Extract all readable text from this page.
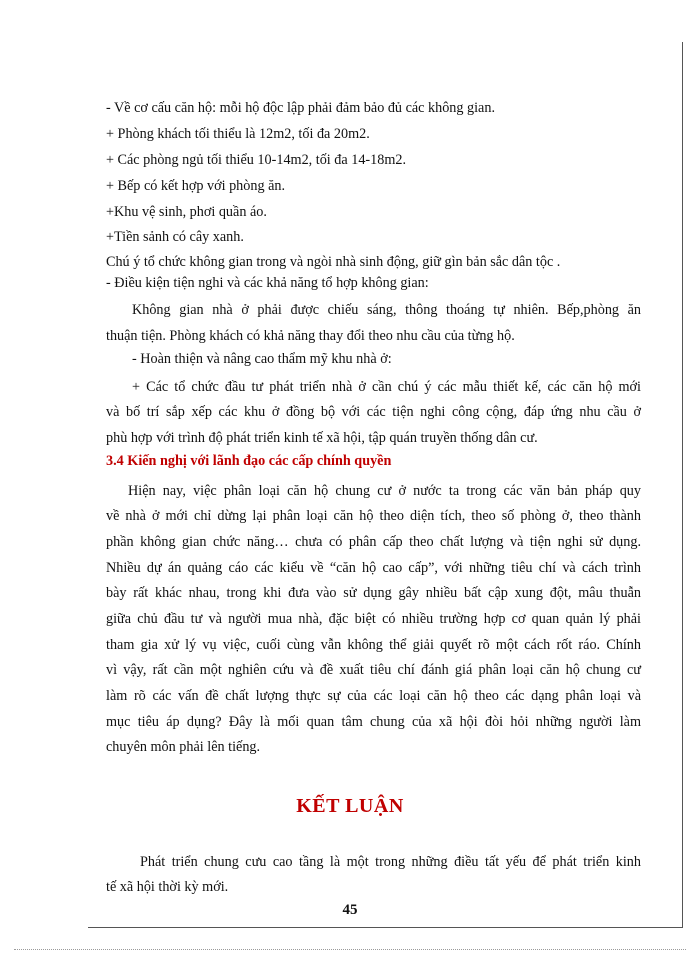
- Về cơ cấu căn hộ: mỗi hộ độc lập phải đảm bảo đủ các không gian.
+ Phòng khách tối thiểu là 12m2, tối đa 20m2.
+ Các phòng ngủ tối thiểu 10-14m2, tối đa 14-18m2.
+ Bếp có kết hợp với phòng ăn.
+Khu vệ sinh, phơi quần áo.
+Tiền sảnh có cây xanh.
Chú ý tổ chức không gian trong và ngòi nhà sinh động, giữ gìn bản sắc dân tộc .
- Điều kiện tiện nghi và các khả năng tổ hợp không gian:
Không gian nhà ở phải được chiếu sáng, thông thoáng tự nhiên. Bếp,phòng ăn
thuận tiện. Phòng khách có khả năng thay đổi theo nhu cầu của từng hộ.
- Hoàn thiện và nâng cao thẩm mỹ khu nhà ở:
+ Các tổ chức đầu tư phát triển nhà ở cần chú ý các mẫu thiết kế, các căn hộ mới
và bố trí sắp xếp các khu ở đồng bộ với các tiện nghi công cộng, đáp ứng nhu cầu ở
phù hợp với trình độ phát triển kinh tế xã hội, tập quán truyền thống dân cư.
3.4 Kiến nghị với lãnh đạo các cấp chính quyền
Hiện nay, việc phân loại căn hộ chung cư ở nước ta trong các văn bản pháp quy
về nhà ở mới chỉ dừng lại phân loại căn hộ theo diện tích, theo số phòng ở, theo thành
phần không gian chức năng… chưa có phân cấp theo chất lượng và tiện nghi sử dụng.
Nhiều dự án quảng cáo các kiểu về “căn hộ cao cấp”, với những tiêu chí và cách trình
bày rất khác nhau, trong khi đưa vào sử dụng gây nhiều bất cập xung đột, mâu thuẫn
giữa chủ đầu tư và người mua nhà, đặc biệt có nhiều trường hợp cơ quan quản lý phải
tham gia xử lý vụ việc, cuối cùng vẫn không thể giải quyết rõ một cách rốt ráo. Chính
vì vậy, rất cần một nghiên cứu và đề xuất tiêu chí đánh giá phân loại căn hộ chung cư
làm rõ các vấn đề chất lượng thực sự của các loại căn hộ theo các dạng phân loại và
mục tiêu áp dụng? Đây là mối quan tâm chung của xã hội đòi hỏi những người làm
chuyên môn phải lên tiếng.
KẾT LUẬN
Phát triển chung cưu cao tầng là một trong những điều tất yếu để phát triển kinh
tế xã hội thời kỳ mới.
45
